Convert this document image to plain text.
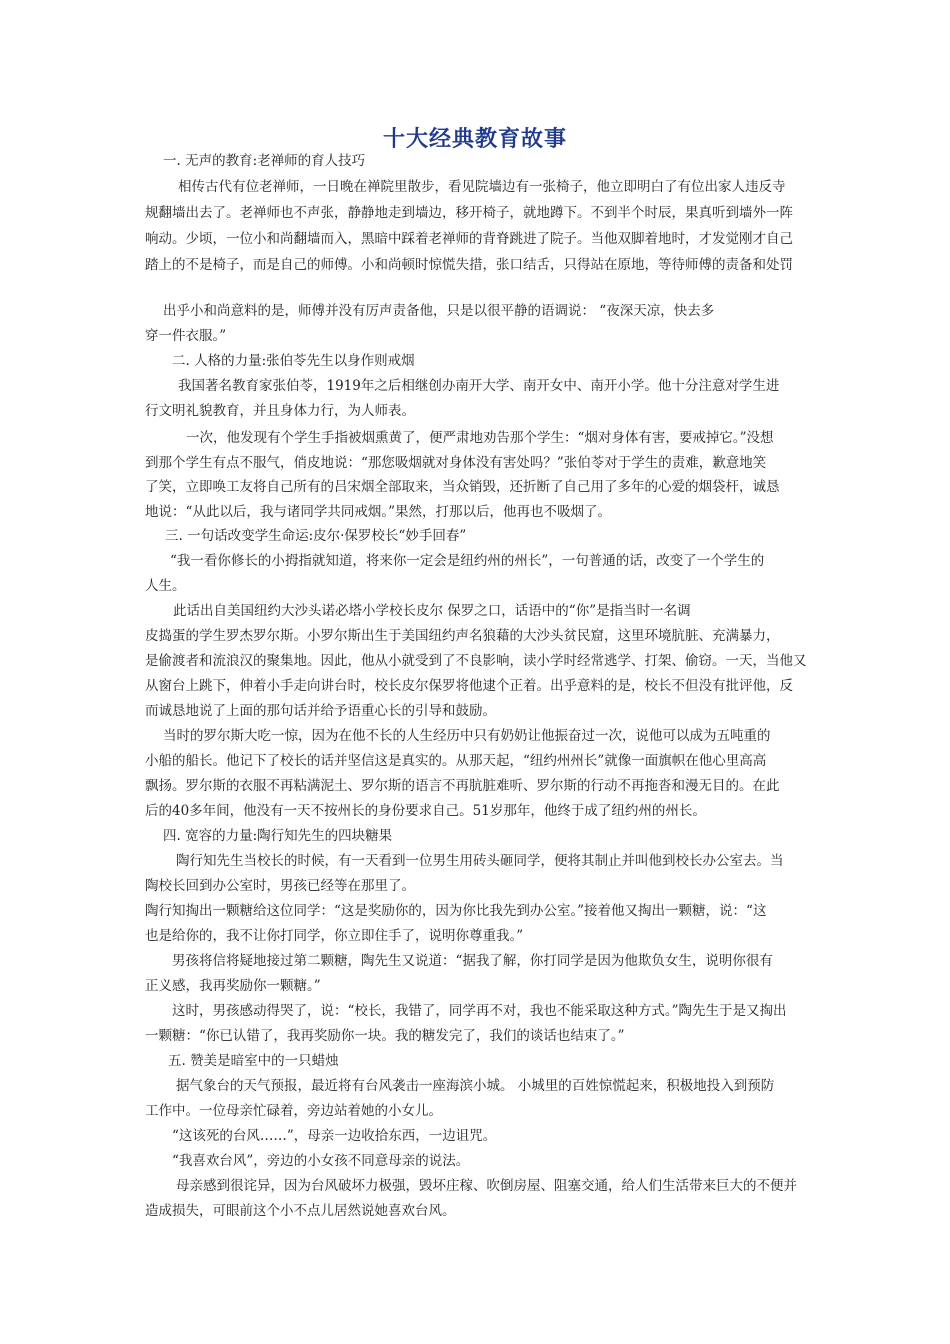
十大经典教育故事

一. 无声的教育:老禅师的育人技巧

相传古代有位老禅师，一日晚在禅院里散步，看见院墙边有一张椅子，他立即明白了有位出家人违反寺

规翻墙出去了。老禅师也不声张，静静地走到墙边，移开椅子，就地蹲下。不到半个时辰，果真听到墙外一阵

响动。少顷，一位小和尚翻墙而入，黑暗中踩着老禅师的背脊跳进了院子。当他双脚着地时，才发觉刚才自己

踏上的不是椅子，而是自己的师傅。小和尚顿时惊慌失措，张口结舌，只得站在原地，等待师傅的责备和处罚

出乎小和尚意料的是，师傅并没有厉声责备他，只是以很平静的语调说： “夜深天凉，快去多

穿一件衣服。”

二. 人格的力量:张伯苓先生以身作则戒烟

我国著名教育家张伯苓，1919年之后相继创办南开大学、南开女中、南开小学。他十分注意对学生进

行文明礼貌教育，并且身体力行，为人师表。

一次，他发现有个学生手指被烟熏黄了，便严肃地劝告那个学生：“烟对身体有害，要戒掉它。”没想

到那个学生有点不服气，俏皮地说：“那您吸烟就对身体没有害处吗？”张伯苓对于学生的责难，歉意地笑

了笑，立即唤工友将自己所有的吕宋烟全部取来，当众销毁，还折断了自己用了多年的心爱的烟袋杆，诚恳

地说：“从此以后，我与诸同学共同戒烟。”果然，打那以后，他再也不吸烟了。

三. 一句话改变学生命运:皮尔·保罗校长“妙手回春”

“我一看你修长的小拇指就知道，将来你一定会是纽约州的州长”，一句普通的话，改变了一个学生的

人生。

此话出自美国纽约大沙头诺必塔小学校长皮尔 保罗之口，话语中的“你”是指当时一名调

皮捣蛋的学生罗杰罗尔斯。小罗尔斯出生于美国纽约声名狼藉的大沙头贫民窟，这里环境肮脏、充满暴力，

是偷渡者和流浪汉的聚集地。因此，他从小就受到了不良影响，读小学时经常逃学、打架、偷窃。一天，当他又

从窗台上跳下，伸着小手走向讲台时，校长皮尔保罗将他逮个正着。出乎意料的是，校长不但没有批评他，反

而诚恳地说了上面的那句话并给予语重心长的引导和鼓励。

当时的罗尔斯大吃一惊，因为在他不长的人生经历中只有奶奶让他振奋过一次，说他可以成为五吨重的

小船的船长。他记下了校长的话并坚信这是真实的。从那天起，“纽约州州长”就像一面旗帜在他心里高高

飘扬。罗尔斯的衣服不再粘满泥土、罗尔斯的语言不再肮脏难听、罗尔斯的行动不再拖沓和漫无目的。在此

后的40多年间，他没有一天不按州长的身份要求自己。51岁那年，他终于成了纽约州的州长。

四. 宽容的力量:陶行知先生的四块糖果

陶行知先生当校长的时候，有一天看到一位男生用砖头砸同学，便将其制止并叫他到校长办公室去。当

陶校长回到办公室时，男孩已经等在那里了。

陶行知掏出一颗糖给这位同学：“这是奖励你的，因为你比我先到办公室。”接着他又掏出一颗糖，说：“这

也是给你的，我不让你打同学，你立即住手了，说明你尊重我。”

男孩将信将疑地接过第二颗糖，陶先生又说道：“据我了解，你打同学是因为他欺负女生，说明你很有

正义感，我再奖励你一颗糖。”

这时，男孩感动得哭了，说：“校长，我错了，同学再不对，我也不能采取这种方式。”陶先生于是又掏出

一颗糖：“你已认错了，我再奖励你一块。我的糖发完了，我们的谈话也结束了。”

五. 赞美是暗室中的一只蜡烛

据气象台的天气预报，最近将有台风袭击一座海滨小城。 小城里的百姓惊慌起来，积极地投入到预防

工作中。一位母亲忙碌着，旁边站着她的小女儿。

“这该死的台风……”，母亲一边收拾东西，一边诅咒。

“我喜欢台风”，旁边的小女孩不同意母亲的说法。

母亲感到很诧异，因为台风破坏力极强，毁坏庄稼、吹倒房屋、阻塞交通，给人们生活带来巨大的不便并

造成损失，可眼前这个小不点儿居然说她喜欢台风。
